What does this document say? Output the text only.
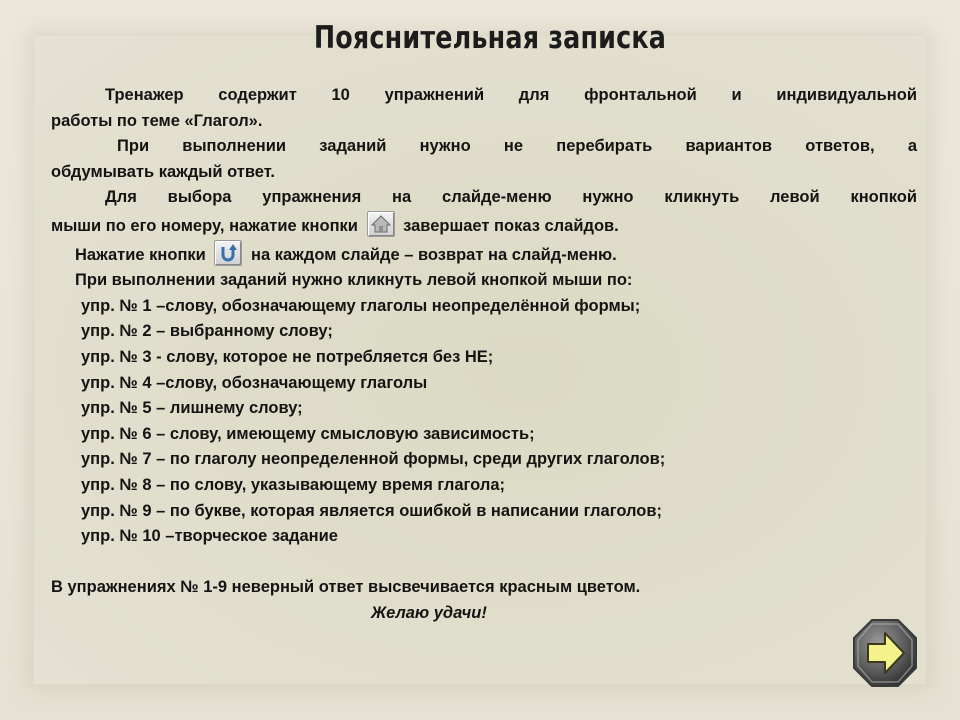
Пояснительная записка
Тренажер содержит 10 упражнений для фронтальной и индивидуальной
работы по теме «Глагол».
При выполнении заданий нужно не перебирать вариантов ответов, а
обдумывать каждый ответ.
Для выбора упражнения на слайде-меню нужно кликнуть левой кнопкой
мыши по его номеру, нажатие кнопки	завершает показ слайдов.
Нажатие кнопки	на каждом слайде – возврат на слайд-меню.
При выполнении заданий нужно кликнуть левой кнопкой мыши по:
упр. № 1 –слову, обозначающему глаголы неопределённой формы;
упр. № 2 – выбранному слову;
упр. № 3 - слову, которое не потребляется без НЕ;
упр. № 4 –слову, обозначающему глаголы
упр. № 5 – лишнему слову;
упр. № 6 – слову, имеющему смысловую зависимость;
упр. № 7 – по глаголу неопределенной формы, среди других глаголов;
упр. № 8 – по слову, указывающему время глагола;
упр. № 9 – по букве, которая является ошибкой в написании глаголов;
упр. № 10 –творческое задание
В упражнениях № 1-9 неверный ответ высвечивается красным цветом.
Желаю удачи!
